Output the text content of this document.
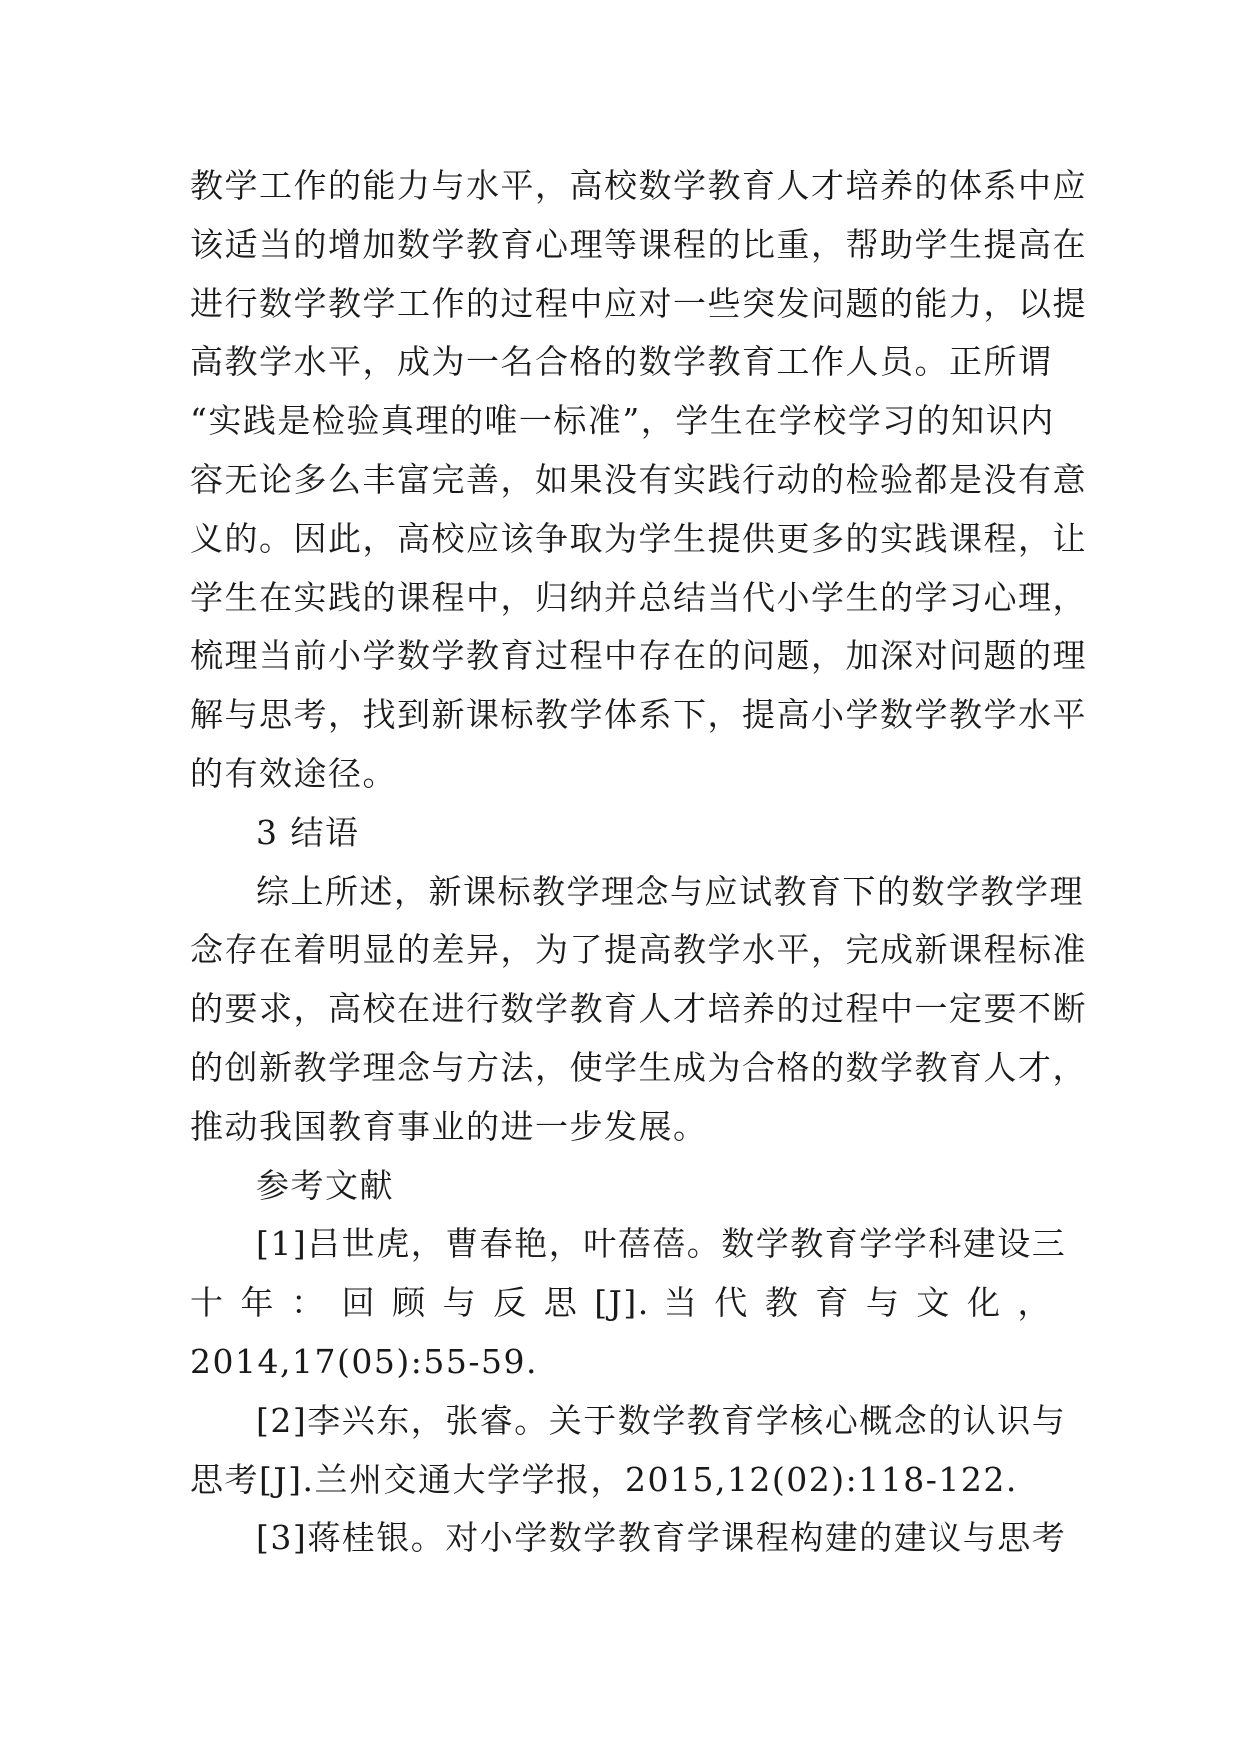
教学工作的能力与水平，高校数学教育人才培养的体系中应
该适当的增加数学教育心理等课程的比重，帮助学生提高在
进行数学教学工作的过程中应对一些突发问题的能力，以提
高教学水平，成为一名合格的数学教育工作人员。正所谓
“实践是检验真理的唯一标准”，学生在学校学习的知识内
容无论多么丰富完善，如果没有实践行动的检验都是没有意
义的。因此，高校应该争取为学生提供更多的实践课程，让
学生在实践的课程中，归纳并总结当代小学生的学习心理，
梳理当前小学数学教育过程中存在的问题，加深对问题的理
解与思考，找到新课标教学体系下，提高小学数学教学水平
的有效途径。
3 结语
综上所述，新课标教学理念与应试教育下的数学教学理
念存在着明显的差异，为了提高教学水平，完成新课程标准
的要求，高校在进行数学教育人才培养的过程中一定要不断
的创新教学理念与方法，使学生成为合格的数学教育人才，
推动我国教育事业的进一步发展。
参考文献
[1]吕世虎，曹春艳，叶蓓蓓。数学教育学学科建设三
十 年 ： 回 顾 与 反 思 [J]. 当 代 教 育 与 文 化 ，
2014,17(05):55-59.
[2]李兴东，张睿。关于数学教育学核心概念的认识与
思考[J].兰州交通大学学报，2015,12(02):118-122.
[3]蒋桂银。对小学数学教育学课程构建的建议与思考
